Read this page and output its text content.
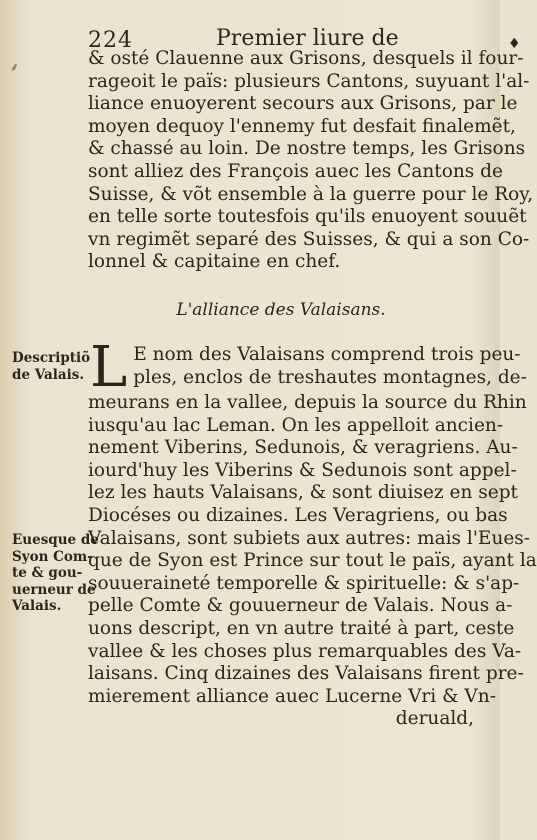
⸙
224	Premier liure de	♦
& osté Clauenne aux Grisons, desquels il four-
rageoit le païs: plusieurs Cantons, suyuant l'al-
liance enuoyerent secours aux Grisons, par le
moyen dequoy l'ennemy fut desfait finalemẽt,
& chassé au loin. De nostre temps, les Grisons
sont alliez des François auec les Cantons de
Suisse, & võt ensemble à la guerre pour le Roy,
en telle sorte toutesfois qu'ils enuoyent souuẽt
vn regimẽt separé des Suisses, & qui a son Co-
lonnel & capitaine en chef.
L'alliance des Valaisans.
Descriptiõ
de Valais.
Euesque de
Syon Com-
te & gou-
uerneur de
Valais.
L E nom des Valaisans comprend trois peu-
ples, enclos de treshautes montagnes, de-
meurans en la vallee, depuis la source du Rhin
iusqu'au lac Leman. On les appelloit ancien-
nement Viberins, Sedunois, & veragriens. Au-
iourd'huy les Viberins & Sedunois sont appel-
lez les hauts Valaisans, & sont diuisez en sept
Diocéses ou dizaines. Les Veragriens, ou bas
Valaisans, sont subiets aux autres: mais l'Eues-
que de Syon est Prince sur tout le païs, ayant la
souueraineté temporelle & spirituelle: & s'ap-
pelle Comte & gouuerneur de Valais. Nous a-
uons descript, en vn autre traité à part, ceste
vallee & les choses plus remarquables des Va-
laisans. Cinq dizaines des Valaisans firent pre-
mierement alliance auec Lucerne Vri & Vn-
deruald,
